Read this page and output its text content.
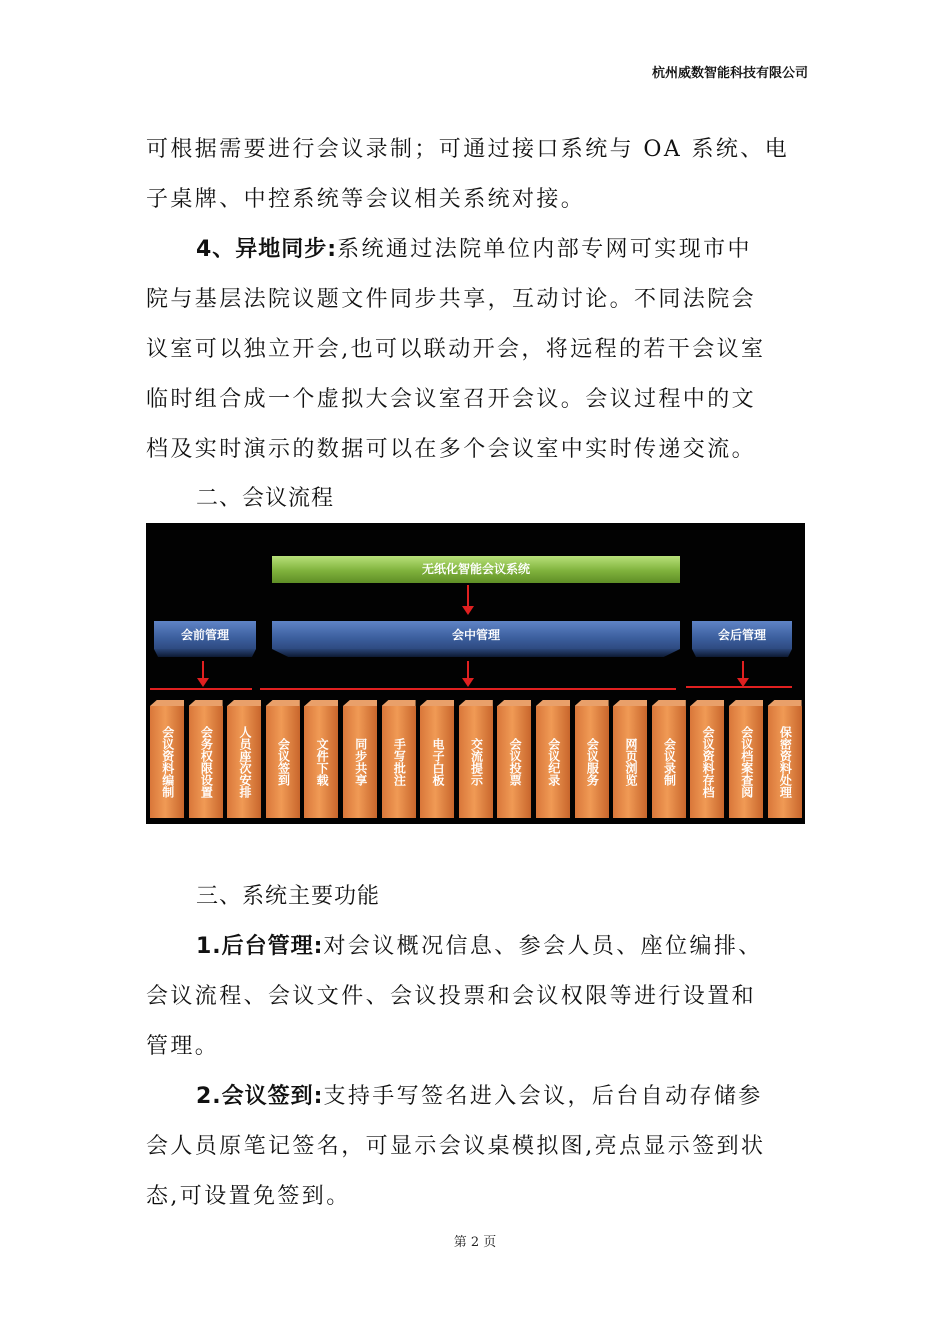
杭州威数智能科技有限公司
可根据需要进行会议录制；可通过接口系统与 OA 系统、电
子桌牌、中控系统等会议相关系统对接。
4、异地同步:系统通过法院单位内部专网可实现市中
院与基层法院议题文件同步共享，互动讨论。不同法院会
议室可以独立开会,也可以联动开会，将远程的若干会议室
临时组合成一个虚拟大会议室召开会议。会议过程中的文
档及实时演示的数据可以在多个会议室中实时传递交流。
二、会议流程
无纸化智能会议系统
会前管理	会中管理	会后管理
会议资料编制	会务权限设置	人员座次安排	会议签到	文件下载	同步共享	手写批注	电子白板	交流提示	会议投票	会议纪录	会议服务	网页浏览	会议录制	会议资料存档	会议档案查阅	保密资料处理
三、系统主要功能
1.后台管理:对会议概况信息、参会人员、座位编排、
会议流程、会议文件、会议投票和会议权限等进行设置和
管理。
2.会议签到:支持手写签名进入会议，后台自动存储参
会人员原笔记签名，可显示会议桌模拟图,亮点显示签到状
态,可设置免签到。
第 2 页
